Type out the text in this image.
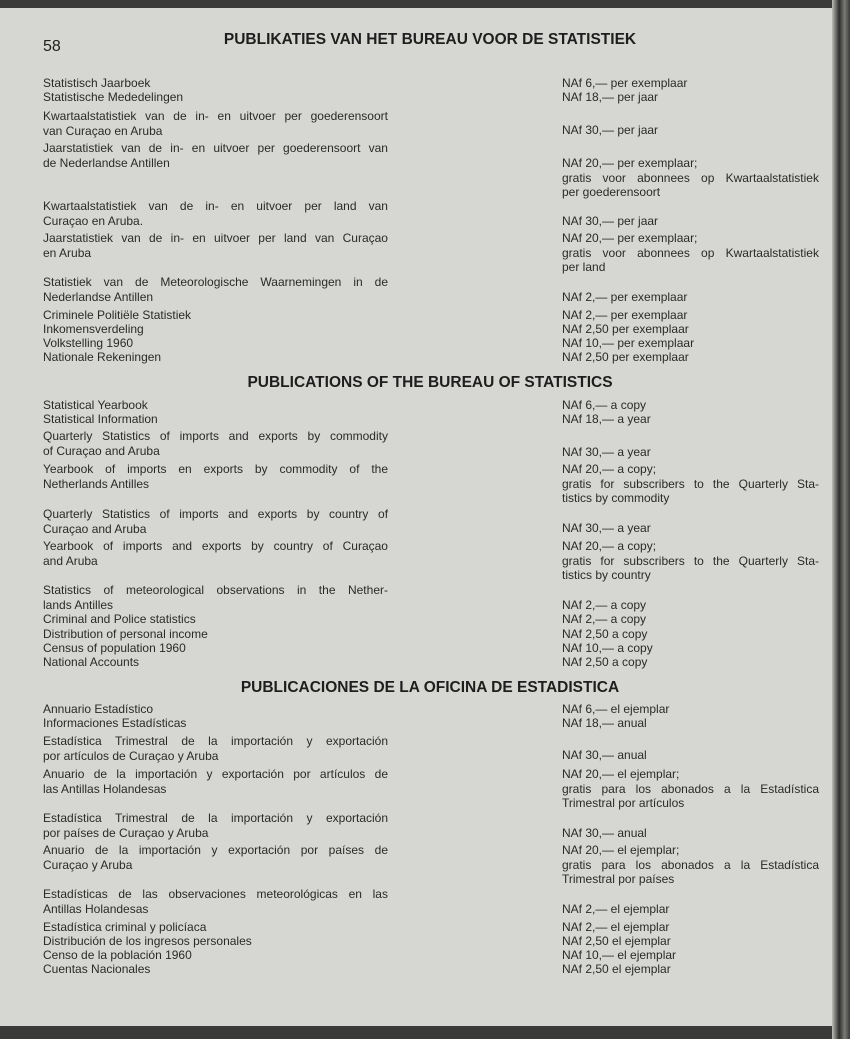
58	PUBLIKATIES VAN HET BUREAU VOOR DE STATISTIEK
Statistisch Jaarboek	NAf 6,— per exemplaar
Statistische Mededelingen	NAf 18,— per jaar
Kwartaalstatistiek van de in- en uitvoer per goederensoort
van Curaçao en Aruba	NAf 30,— per jaar
Jaarstatistiek van de in- en uitvoer per goederensoort van
de Nederlandse Antillen	NAf 20,— per exemplaar;
gratis voor abonnees op Kwartaalstatistiek
per goederensoort
Kwartaalstatistiek van de in- en uitvoer per land van
Curaçao en Aruba.	NAf 30,— per jaar
Jaarstatistiek van de in- en uitvoer per land van Curaçao
en Aruba
NAf 20,— per exemplaar;
gratis voor abonnees op Kwartaalstatistiek
per land
Statistiek van de Meteorologische Waarnemingen in de
Nederlandse Antillen	NAf 2,— per exemplaar
Criminele Politiële Statistiek	NAf 2,— per exemplaar
Inkomensverdeling	NAf 2,50 per exemplaar
Volkstelling 1960	NAf 10,— per exemplaar
Nationale Rekeningen	NAf 2,50 per exemplaar
PUBLICATIONS OF THE BUREAU OF STATISTICS
Statistical Yearbook	NAf 6,— a copy
Statistical Information	NAf 18,— a year
Quarterly Statistics of imports and exports by commodity
of Curaçao and Aruba	NAf 30,— a year
Yearbook of imports en exports by commodity of the
Netherlands Antilles
NAf 20,— a copy;
gratis for subscribers to the Quarterly Sta-
tistics by commodity
Quarterly Statistics of imports and exports by country of
Curaçao and Aruba	NAf 30,— a year
Yearbook of imports and exports by country of Curaçao
and Aruba
NAf 20,— a copy;
gratis for subscribers to the Quarterly Sta-
tistics by country
Statistics of meteorological observations in the Nether-
lands Antilles	NAf 2,— a copy
Criminal and Police statistics	NAf 2,— a copy
Distribution of personal income	NAf 2,50 a copy
Census of population 1960	NAf 10,— a copy
National Accounts	NAf 2,50 a copy
PUBLICACIONES DE LA OFICINA DE ESTADISTICA
Annuario Estadístico	NAf 6,— el ejemplar
Informaciones Estadísticas	NAf 18,— anual
Estadística Trimestral de la importación y exportación
por artículos de Curaçao y Aruba	NAf 30,— anual
Anuario de la importación y exportación por artículos de
las Antillas Holandesas
NAf 20,— el ejemplar;
gratis para los abonados a la Estadística
Trimestral por artículos
Estadística Trimestral de la importación y exportación
por países de Curaçao y Aruba	NAf 30,— anual
Anuario de la importación y exportación por países de
Curaçao y Aruba
NAf 20,— el ejemplar;
gratis para los abonados a la Estadística
Trimestral por países
Estadísticas de las observaciones meteorológicas en las
Antillas Holandesas	NAf 2,— el ejemplar
Estadística criminal y policíaca	NAf 2,— el ejemplar
Distribución de los ingresos personales	NAf 2,50 el ejemplar
Censo de la población 1960	NAf 10,— el ejemplar
Cuentas Nacionales	NAf 2,50 el ejemplar
